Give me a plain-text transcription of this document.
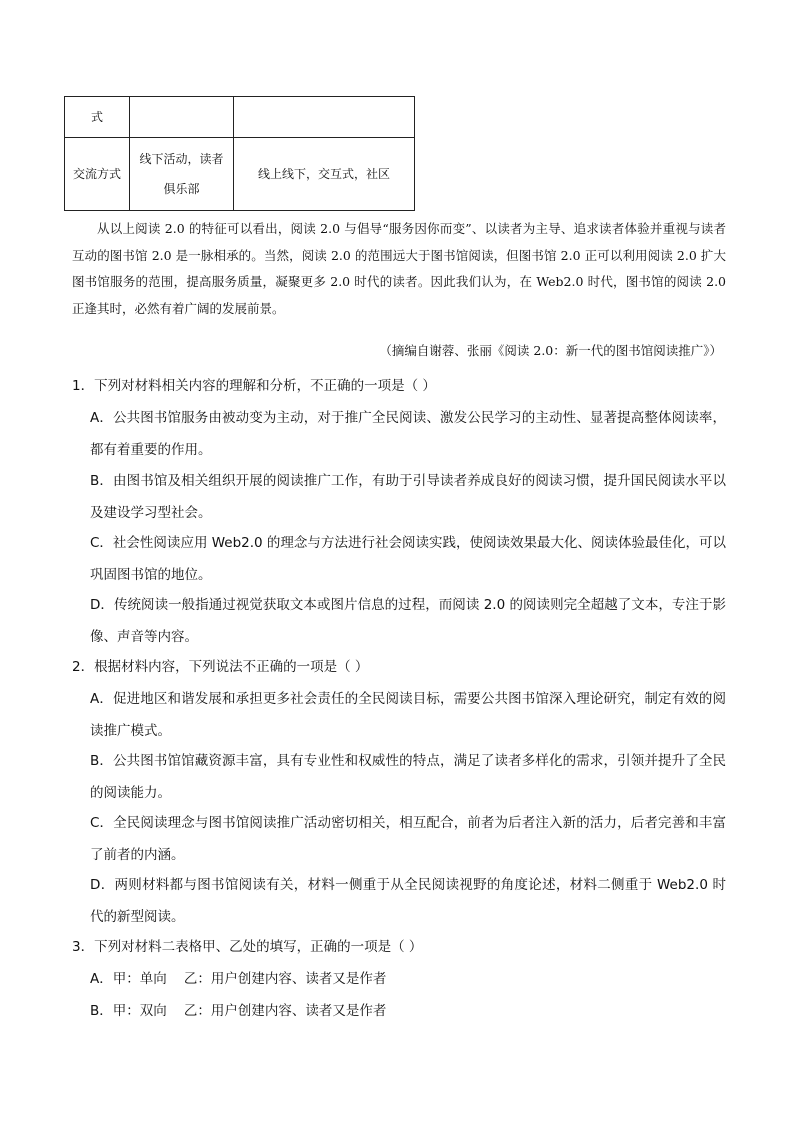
式		

交流方式	线下活动，读者俱乐部	线上线下，交互式，社区

从以上阅读 2.0 的特征可以看出，阅读 2.0 与倡导“服务因你而变”、以读者为主导、追求读者体验并重视与读者互动的图书馆 2.0 是一脉相承的。当然，阅读 2.0 的范围远大于图书馆阅读，但图书馆 2.0 正可以利用阅读 2.0 扩大图书馆服务的范围，提高服务质量，凝聚更多 2.0 时代的读者。因此我们认为，在 Web2.0 时代，图书馆的阅读 2.0 正逢其时，必然有着广阔的发展前景。

（摘编自谢蓉、张丽《阅读 2.0：新一代的图书馆阅读推广》）

1．下列对材料相关内容的理解和分析，不正确的一项是（ ）

A．公共图书馆服务由被动变为主动，对于推广全民阅读、激发公民学习的主动性、显著提高整体阅读率，都有着重要的作用。

B．由图书馆及相关组织开展的阅读推广工作，有助于引导读者养成良好的阅读习惯，提升国民阅读水平以及建设学习型社会。

C．社会性阅读应用 Web2.0 的理念与方法进行社会阅读实践，使阅读效果最大化、阅读体验最佳化，可以巩固图书馆的地位。

D．传统阅读一般指通过视觉获取文本或图片信息的过程，而阅读 2.0 的阅读则完全超越了文本，专注于影像、声音等内容。

2．根据材料内容，下列说法不正确的一项是（ ）

A．促进地区和谐发展和承担更多社会责任的全民阅读目标，需要公共图书馆深入理论研究，制定有效的阅读推广模式。

B．公共图书馆馆藏资源丰富，具有专业性和权威性的特点，满足了读者多样化的需求，引领并提升了全民的阅读能力。

C．全民阅读理念与图书馆阅读推广活动密切相关，相互配合，前者为后者注入新的活力，后者完善和丰富了前者的内涵。

D．两则材料都与图书馆阅读有关，材料一侧重于从全民阅读视野的角度论述，材料二侧重于 Web2.0 时代的新型阅读。

3．下列对材料二表格甲、乙处的填写，正确的一项是（ ）

A．甲：单向    乙：用户创建内容、读者又是作者

B．甲：双向    乙：用户创建内容、读者又是作者
